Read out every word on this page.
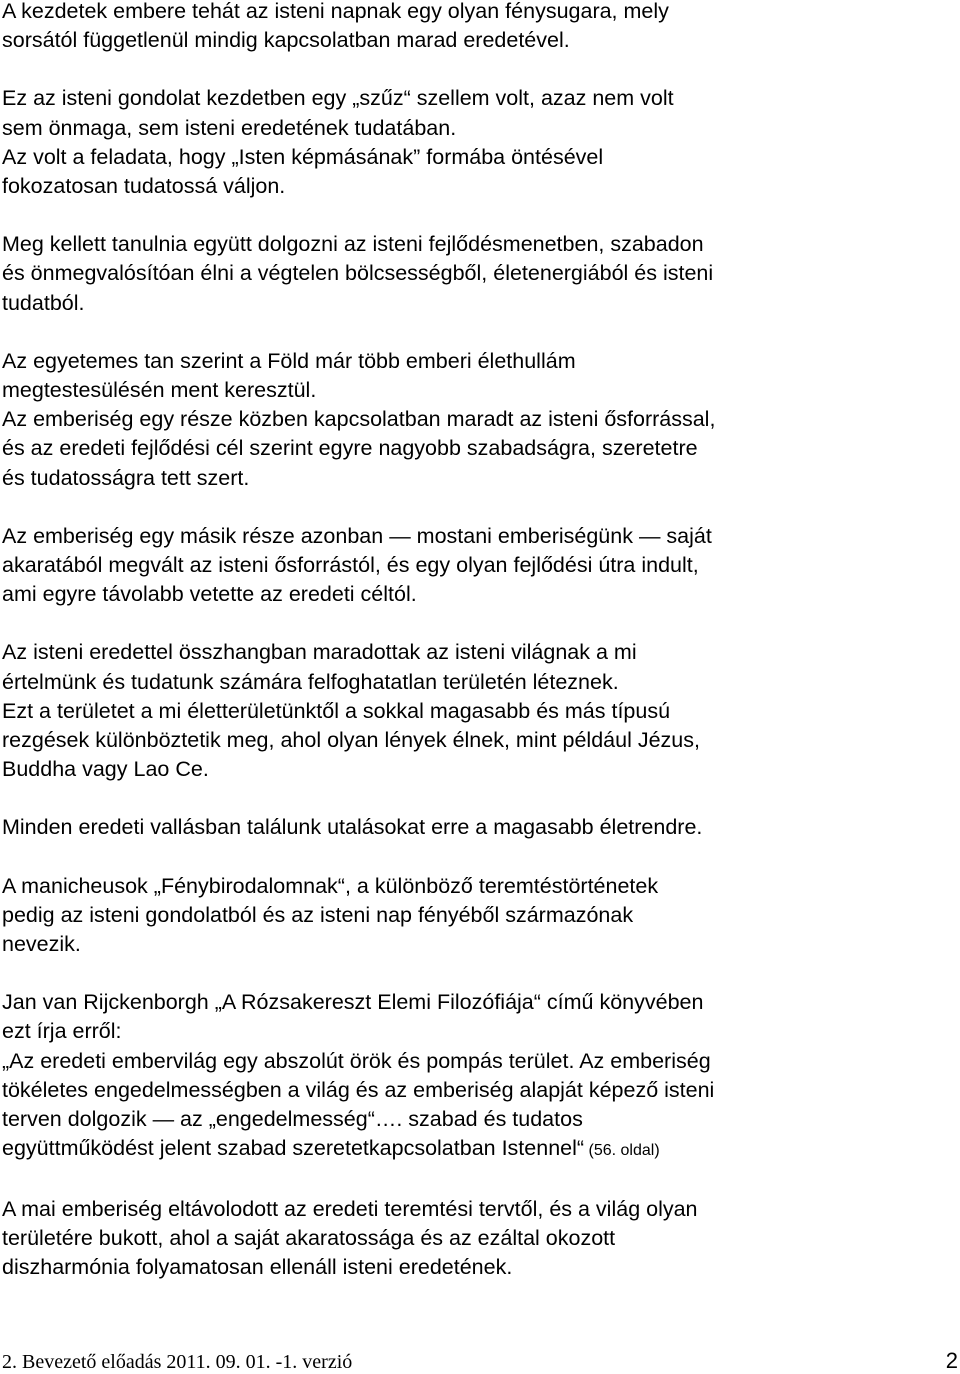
A kezdetek embere tehát az isteni napnak egy olyan fénysugara, mely
sorsától függetlenül mindig kapcsolatban marad eredetével.

Ez az isteni gondolat kezdetben egy „szűz“ szellem volt, azaz nem volt
sem önmaga, sem isteni eredetének tudatában.
Az volt a feladata, hogy „Isten képmásának” formába öntésével
fokozatosan tudatossá váljon.

Meg kellett tanulnia együtt dolgozni az isteni fejlődésmenetben, szabadon
és önmegvalósítóan élni a végtelen bölcsességből, életenergiából és isteni
tudatból.

Az egyetemes tan szerint a Föld már több emberi élethullám
megtestesülésén ment keresztül.
Az emberiség egy része közben kapcsolatban maradt az isteni ősforrással,
és az eredeti fejlődési cél szerint egyre nagyobb szabadságra, szeretetre
és tudatosságra tett szert.

Az emberiség egy másik része azonban — mostani emberiségünk — saját
akaratából megvált az isteni ősforrástól, és egy olyan fejlődési útra indult,
ami egyre távolabb vetette az eredeti céltól.

Az isteni eredettel összhangban maradottak az isteni világnak a mi
értelmünk és tudatunk számára felfoghatatlan területén léteznek.
Ezt a területet a mi életterületünktől a sokkal magasabb és más típusú
rezgések különböztetik meg, ahol olyan lények élnek, mint például Jézus,
Buddha vagy Lao Ce.

Minden eredeti vallásban találunk utalásokat erre a magasabb életrendre.

A manicheusok „Fénybirodalomnak“, a különböző teremtéstörténetek
pedig az isteni gondolatból és az isteni nap fényéből származónak
nevezik.

Jan van Rijckenborgh „A Rózsakereszt Elemi Filozófiája“ című könyvében
ezt írja erről:
„Az eredeti embervilág egy abszolút örök és pompás terület. Az emberiség
tökéletes engedelmességben a világ és az emberiség alapját képező isteni
terven dolgozik — az „engedelmesség“…. szabad és tudatos
együttműködést jelent szabad szeretetkapcsolatban Istennel“ (56. oldal)

A mai emberiség eltávolodott az eredeti teremtési tervtől, és a világ olyan
területére bukott, ahol a saját akaratossága és az ezáltal okozott
diszharmónia folyamatosan ellenáll isteni eredetének.

2. Bevezető előadás 2011. 09. 01. -1. verzió	2
